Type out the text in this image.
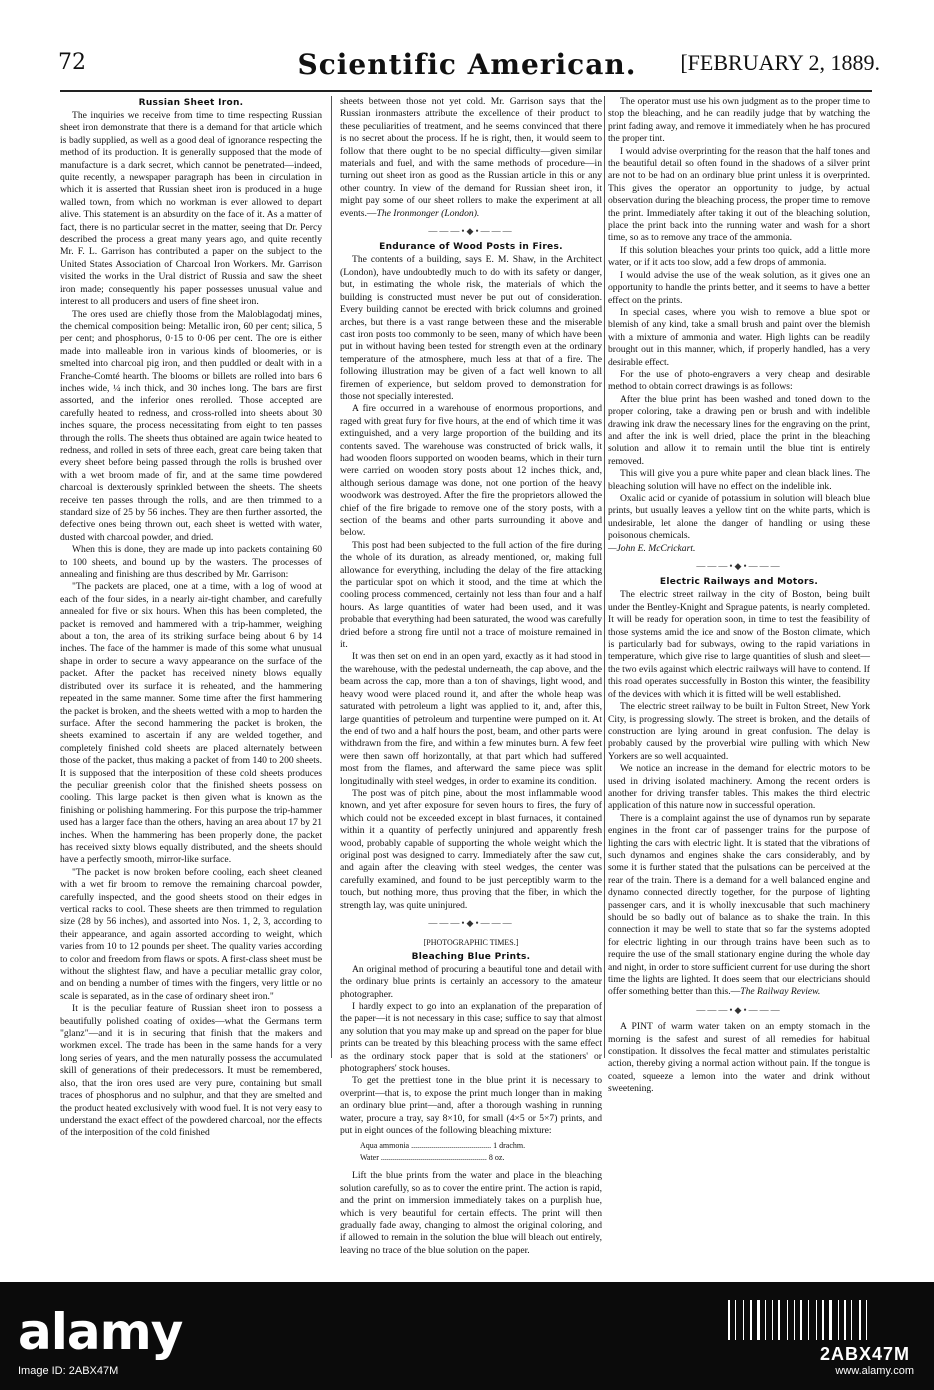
72	Scientific American.	[FEBRUARY 2, 1889.
Russian Sheet Iron.

The inquiries we receive from time to time respecting Russian sheet iron demonstrate that there is a demand for that article which is badly supplied, as well as a good deal of ignorance respecting the method of its production. It is generally supposed that the mode of manufacture is a dark secret, which cannot be penetrated—indeed, quite recently, a newspaper paragraph has been in circulation in which it is asserted that Russian sheet iron is produced in a huge walled town, from which no workman is ever allowed to depart alive. This statement is an absurdity on the face of it. As a matter of fact, there is no particular secret in the matter, seeing that Dr. Percy described the process a great many years ago, and quite recently Mr. F. L. Garrison has contributed a paper on the subject to the United States Association of Charcoal Iron Workers. Mr. Garrison visited the works in the Ural district of Russia and saw the sheet iron made; consequently his paper possesses unusual value and interest to all producers and users of fine sheet iron.

The ores used are chiefly those from the Maloblagodatj mines, the chemical composition being: Metallic iron, 60 per cent; silica, 5 per cent; and phosphorus, 0·15 to 0·06 per cent. The ore is either made into malleable iron in various kinds of bloomeries, or is smelted into charcoal pig iron, and then puddled or dealt with in a Franche-Comté hearth. The blooms or billets are rolled into bars 6 inches wide, ¼ inch thick, and 30 inches long. The bars are first assorted, and the inferior ones rerolled. Those accepted are carefully heated to redness, and cross-rolled into sheets about 30 inches square, the process necessitating from eight to ten passes through the rolls. The sheets thus obtained are again twice heated to redness, and rolled in sets of three each, great care being taken that every sheet before being passed through the rolls is brushed over with a wet broom made of fir, and at the same time powdered charcoal is dexterously sprinkled between the sheets. The sheets receive ten passes through the rolls, and are then trimmed to a standard size of 25 by 56 inches. They are then further assorted, the defective ones being thrown out, each sheet is wetted with water, dusted with charcoal powder, and dried.

When this is done, they are made up into packets containing 60 to 100 sheets, and bound up by the wasters. The processes of annealing and finishing are thus described by Mr. Garrison:

"The packets are placed, one at a time, with a log of wood at each of the four sides, in a nearly air-tight chamber, and carefully annealed for five or six hours. When this has been completed, the packet is removed and hammered with a trip-hammer, weighing about a ton, the area of its striking surface being about 6 by 14 inches. The face of the hammer is made of this some what unusual shape in order to secure a wavy appearance on the surface of the packet. After the packet has received ninety blows equally distributed over its surface it is reheated, and the hammering repeated in the same manner. Some time after the first hammering the packet is broken, and the sheets wetted with a mop to harden the surface. After the second hammering the packet is broken, the sheets examined to ascertain if any are welded together, and completely finished cold sheets are placed alternately between those of the packet, thus making a packet of from 140 to 200 sheets. It is supposed that the interposition of these cold sheets produces the peculiar greenish color that the finished sheets possess on cooling. This large packet is then given what is known as the finishing or polishing hammering. For this purpose the trip-hammer used has a larger face than the others, having an area about 17 by 21 inches. When the hammering has been properly done, the packet has received sixty blows equally distributed, and the sheets should have a perfectly smooth, mirror-like surface.

"The packet is now broken before cooling, each sheet cleaned with a wet fir broom to remove the remaining charcoal powder, carefully inspected, and the good sheets stood on their edges in vertical racks to cool. These sheets are then trimmed to regulation size (28 by 56 inches), and assorted into Nos. 1, 2, 3, according to their appearance, and again assorted according to weight, which varies from 10 to 12 pounds per sheet. The quality varies according to color and freedom from flaws or spots. A first-class sheet must be without the slightest flaw, and have a peculiar metallic gray color, and on bending a number of times with the fingers, very little or no scale is separated, as in the case of ordinary sheet iron."

It is the peculiar feature of Russian sheet iron to possess a beautifully polished coating of oxides—what the Germans term "glanz"—and it is in securing that finish that the makers and workmen excel. The trade has been in the same hands for a very long series of years, and the men naturally possess the accumulated skill of generations of their predecessors. It must be remembered, also, that the iron ores used are very pure, containing but small traces of phosphorus and no sulphur, and that they are smelted and the product heated exclusively with wood fuel. It is not very easy to understand the exact effect of the powdered charcoal, nor the effects of the interposition of the cold finished

sheets between those not yet cold. Mr. Garrison says that the Russian ironmasters attribute the excellence of their product to these peculiarities of treatment, and he seems convinced that there is no secret about the process. If he is right, then, it would seem to follow that there ought to be no special difficulty—given similar materials and fuel, and with the same methods of procedure—in turning out sheet iron as good as the Russian article in this or any other country. In view of the demand for Russian sheet iron, it might pay some of our sheet rollers to make the experiment at all events.—The Ironmonger (London).

———•◆•———
Endurance of Wood Posts in Fires.

The contents of a building, says E. M. Shaw, in the Architect (London), have undoubtedly much to do with its safety or danger, but, in estimating the whole risk, the materials of which the building is constructed must never be put out of consideration. Every building cannot be erected with brick columns and groined arches, but there is a vast range between these and the miserable cast iron posts too commonly to be seen, many of which have been put in without having been tested for strength even at the ordinary temperature of the atmosphere, much less at that of a fire. The following illustration may be given of a fact well known to all firemen of experience, but seldom proved to demonstration for those not specially interested.

A fire occurred in a warehouse of enormous proportions, and raged with great fury for five hours, at the end of which time it was extinguished, and a very large proportion of the building and its contents saved. The warehouse was constructed of brick walls, it had wooden floors supported on wooden beams, which in their turn were carried on wooden story posts about 12 inches thick, and, although serious damage was done, not one portion of the heavy woodwork was destroyed. After the fire the proprietors allowed the chief of the fire brigade to remove one of the story posts, with a section of the beams and other parts surrounding it above and below.

This post had been subjected to the full action of the fire during the whole of its duration, as already mentioned, or, making full allowance for everything, including the delay of the fire attacking the particular spot on which it stood, and the time at which the cooling process commenced, certainly not less than four and a half hours. As large quantities of water had been used, and it was probable that everything had been saturated, the wood was carefully dried before a strong fire until not a trace of moisture remained in it.

It was then set on end in an open yard, exactly as it had stood in the warehouse, with the pedestal underneath, the cap above, and the beam across the cap, more than a ton of shavings, light wood, and heavy wood were placed round it, and after the whole heap was saturated with petroleum a light was applied to it, and, after this, large quantities of petroleum and turpentine were pumped on it. At the end of two and a half hours the post, beam, and other parts were withdrawn from the fire, and within a few minutes burn. A few feet were then sawn off horizontally, at that part which had suffered most from the flames, and afterward the same piece was split longitudinally with steel wedges, in order to examine its condition.

The post was of pitch pine, about the most inflammable wood known, and yet after exposure for seven hours to fires, the fury of which could not be exceeded except in blast furnaces, it contained within it a quantity of perfectly uninjured and apparently fresh wood, probably capable of supporting the whole weight which the original post was designed to carry. Immediately after the saw cut, and again after the cleaving with steel wedges, the center was carefully examined, and found to be just perceptibly warm to the touch, but nothing more, thus proving that the fiber, in which the strength lay, was quite uninjured.

———•◆•———
[PHOTOGRAPHIC TIMES.]
Bleaching Blue Prints.

An original method of procuring a beautiful tone and detail with the ordinary blue prints is certainly an accessory to the amateur photographer.

I hardly expect to go into an explanation of the preparation of the paper—it is not necessary in this case; suffice to say that almost any solution that you may make up and spread on the paper for blue prints can be treated by this bleaching process with the same effect as the ordinary stock paper that is sold at the stationers' or photographers' stock houses.

To get the prettiest tone in the blue print it is necessary to overprint—that is, to expose the print much longer than in making an ordinary blue print—and, after a thorough washing in running water, procure a tray, say 8×10, for small (4×5 or 5×7) prints, and put in eight ounces of the following bleaching mixture:

Aqua ammonia ........................................ 1 drachm.
Water ..................................................... 8 oz.

Lift the blue prints from the water and place in the bleaching solution carefully, so as to cover the entire print. The action is rapid, and the print on immersion immediately takes on a purplish hue, which is very beautiful for certain effects. The print will then gradually fade away, changing to almost the original coloring, and if allowed to remain in the solution the blue will bleach out entirely, leaving no trace of the blue solution on the paper.

The operator must use his own judgment as to the proper time to stop the bleaching, and he can readily judge that by watching the print fading away, and remove it immediately when he has procured the proper tint.

I would advise overprinting for the reason that the half tones and the beautiful detail so often found in the shadows of a silver print are not to be had on an ordinary blue print unless it is overprinted. This gives the operator an opportunity to judge, by actual observation during the bleaching process, the proper time to remove the print. Immediately after taking it out of the bleaching solution, place the print back into the running water and wash for a short time, so as to remove any trace of the ammonia.

If this solution bleaches your prints too quick, add a little more water, or if it acts too slow, add a few drops of ammonia.

I would advise the use of the weak solution, as it gives one an opportunity to handle the prints better, and it seems to have a better effect on the prints.

In special cases, where you wish to remove a blue spot or blemish of any kind, take a small brush and paint over the blemish with a mixture of ammonia and water. High lights can be readily brought out in this manner, which, if properly handled, has a very desirable effect.

For the use of photo-engravers a very cheap and desirable method to obtain correct drawings is as follows:

After the blue print has been washed and toned down to the proper coloring, take a drawing pen or brush and with indelible drawing ink draw the necessary lines for the engraving on the print, and after the ink is well dried, place the print in the bleaching solution and allow it to remain until the blue tint is entirely removed.

This will give you a pure white paper and clean black lines. The bleaching solution will have no effect on the indelible ink.

Oxalic acid or cyanide of potassium in solution will bleach blue prints, but usually leaves a yellow tint on the white parts, which is undesirable, let alone the danger of handling or using these poisonous chemicals.

—John E. McCrickart.

———•◆•———
Electric Railways and Motors.

The electric street railway in the city of Boston, being built under the Bentley-Knight and Sprague patents, is nearly completed. It will be ready for operation soon, in time to test the feasibility of those systems amid the ice and snow of the Boston climate, which is particularly bad for subways, owing to the rapid variations in temperature, which give rise to large quantities of slush and sleet—the two evils against which electric railways will have to contend. If this road operates successfully in Boston this winter, the feasibility of the devices with which it is fitted will be well established.

The electric street railway to be built in Fulton Street, New York City, is progressing slowly. The street is broken, and the details of construction are lying around in great confusion. The delay is probably caused by the proverbial wire pulling with which New Yorkers are so well acquainted.

We notice an increase in the demand for electric motors to be used in driving isolated machinery. Among the recent orders is another for driving transfer tables. This makes the third electric application of this nature now in successful operation.

There is a complaint against the use of dynamos run by separate engines in the front car of passenger trains for the purpose of lighting the cars with electric light. It is stated that the vibrations of such dynamos and engines shake the cars considerably, and by some it is further stated that the pulsations can be perceived at the rear of the train. There is a demand for a well balanced engine and dynamo connected directly together, for the purpose of lighting passenger cars, and it is wholly inexcusable that such machinery should be so badly out of balance as to shake the train. In this connection it may be well to state that so far the systems adopted for electric lighting in our through trains have been such as to require the use of the small stationary engine during the whole day and night, in order to store sufficient current for use during the short time the lights are lighted. It does seem that our electricians should offer something better than this.—The Railway Review.

———•◆•———

A PINT of warm water taken on an empty stomach in the morning is the safest and surest of all remedies for habitual constipation. It dissolves the fecal matter and stimulates peristaltic action, thereby giving a normal action without pain. If the tongue is coated, squeeze a lemon into the water and drink without sweetening.

alamy	2ABX47M
Image ID: 2ABX47M	www.alamy.com
